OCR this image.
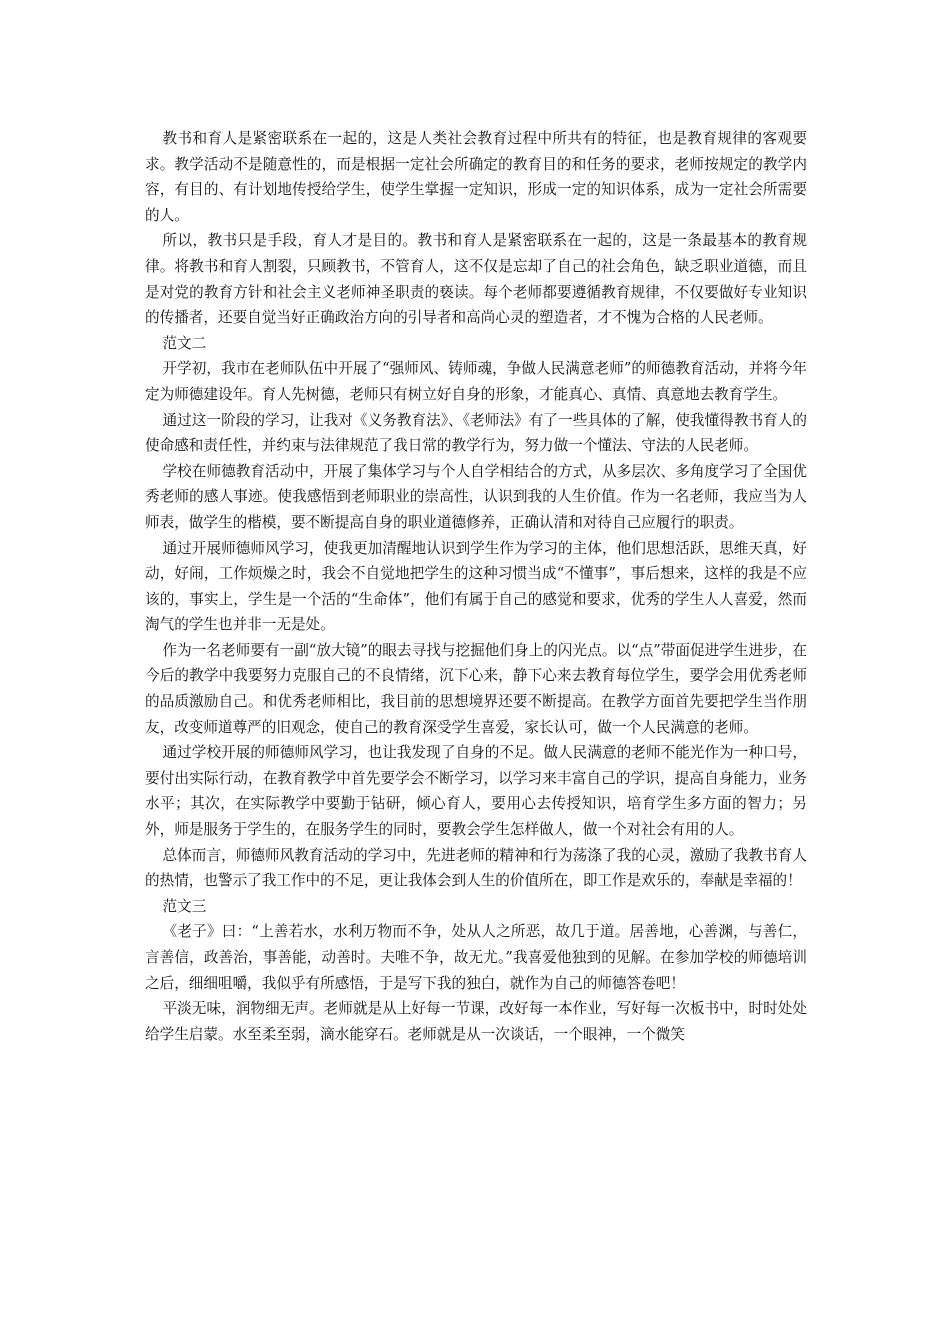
教书和育人是紧密联系在一起的，这是人类社会教育过程中所共有的特征，也是教育规律的客观要求。教学活动不是随意性的，而是根据一定社会所确定的教育目的和任务的要求，老师按规定的教学内容，有目的、有计划地传授给学生，使学生掌握一定知识，形成一定的知识体系，成为一定社会所需要的人。

所以，教书只是手段，育人才是目的。教书和育人是紧密联系在一起的，这是一条最基本的教育规律。将教书和育人割裂，只顾教书，不管育人，这不仅是忘却了自己的社会角色，缺乏职业道德，而且是对党的教育方针和社会主义老师神圣职责的亵读。每个老师都要遵循教育规律，不仅要做好专业知识的传播者，还要自觉当好正确政治方向的引导者和高尚心灵的塑造者，才不愧为合格的人民老师。

范文二

开学初，我市在老师队伍中开展了“强师风、铸师魂，争做人民满意老师”的师德教育活动，并将今年定为师德建设年。育人先树德，老师只有树立好自身的形象，才能真心、真情、真意地去教育学生。

通过这一阶段的学习，让我对《义务教育法》、《老师法》有了一些具体的了解，使我懂得教书育人的使命感和责任性，并约束与法律规范了我日常的教学行为，努力做一个懂法、守法的人民老师。

学校在师德教育活动中，开展了集体学习与个人自学相结合的方式，从多层次、多角度学习了全国优秀老师的感人事迹。使我感悟到老师职业的崇高性，认识到我的人生价值。作为一名老师，我应当为人师表，做学生的楷模，要不断提高自身的职业道德修养，正确认清和对待自己应履行的职责。

通过开展师德师风学习，使我更加清醒地认识到学生作为学习的主体，他们思想活跃，思维天真，好动，好闹，工作烦燥之时，我会不自觉地把学生的这种习惯当成“不懂事”，事后想来，这样的我是不应该的，事实上，学生是一个活的“生命体”，他们有属于自己的感觉和要求，优秀的学生人人喜爱，然而淘气的学生也并非一无是处。

作为一名老师要有一副“放大镜”的眼去寻找与挖掘他们身上的闪光点。以“点”带面促进学生进步，在今后的教学中我要努力克服自己的不良情绪，沉下心来，静下心来去教育每位学生，要学会用优秀老师的品质激励自己。和优秀老师相比，我目前的思想境界还要不断提高。在教学方面首先要把学生当作朋友，改变师道尊严的旧观念，使自己的教育深受学生喜爱，家长认可，做一个人民满意的老师。

通过学校开展的师德师风学习，也让我发现了自身的不足。做人民满意的老师不能光作为一种口号，要付出实际行动，在教育教学中首先要学会不断学习，以学习来丰富自己的学识，提高自身能力，业务水平；其次，在实际教学中要勤于钻研，倾心育人，要用心去传授知识，培育学生多方面的智力；另外，师是服务于学生的，在服务学生的同时，要教会学生怎样做人，做一个对社会有用的人。

总体而言，师德师风教育活动的学习中，先进老师的精神和行为荡涤了我的心灵，激励了我教书育人的热情，也警示了我工作中的不足，更让我体会到人生的价值所在，即工作是欢乐的，奉献是幸福的！

范文三

《老子》曰：“上善若水，水利万物而不争，处从人之所恶，故几于道。居善地，心善渊，与善仁，言善信，政善治，事善能，动善时。夫唯不争，故无尤。”我喜爱他独到的见解。在参加学校的师德培训之后，细细咀嚼，我似乎有所感悟，于是写下我的独白，就作为自己的师德答卷吧！

平淡无味，润物细无声。老师就是从上好每一节课，改好每一本作业，写好每一次板书中，时时处处给学生启蒙。水至柔至弱，滴水能穿石。老师就是从一次谈话，一个眼神，一个微笑
